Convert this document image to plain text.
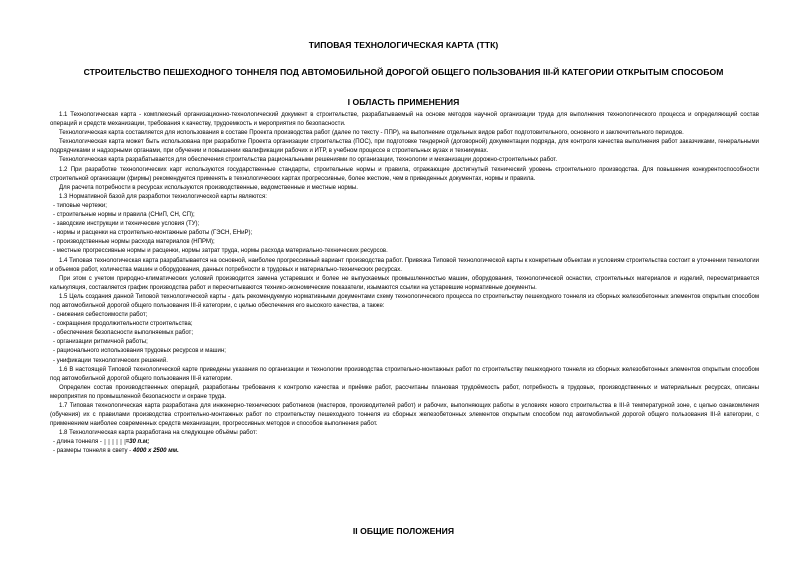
ТИПОВАЯ ТЕХНОЛОГИЧЕСКАЯ КАРТА (ТТК)
СТРОИТЕЛЬСТВО ПЕШЕХОДНОГО ТОННЕЛЯ ПОД АВТОМОБИЛЬНОЙ ДОРОГОЙ ОБЩЕГО ПОЛЬЗОВАНИЯ III-Й КАТЕГОРИИ ОТКРЫТЫМ СПОСОБОМ
I ОБЛАСТЬ ПРИМЕНЕНИЯ

1.1 Технологическая карта - комплексный организационно-технологический документ в строительстве, разрабатываемый на основе методов научной организации труда для выполнения технологического процесса и определяющий состав операций и средств механизации, требования к качеству, трудоемкость и мероприятия по безопасности.

Технологическая карта составляется для использования в составе Проекта производства работ (далее по тексту - ППР), на выполнение отдельных видов работ подготовительного, основного и заключительного периодов.

Технологическая карта может быть использована при разработке Проекта организации строительства (ПОС), при подготовке тендерной (договорной) документации подряда, для контроля качества выполнения работ заказчиками, генеральными подрядчиками и надзорными органами, при обучении и повышении квалификации рабочих и ИТР, в учебном процессе в строительных вузах и техникумах.

Технологическая карта разрабатывается для обеспечения строительства рациональными решениями по организации, технологии и механизации дорожно-строительных работ.

1.2 При разработке технологических карт используются государственные стандарты, строительные нормы и правила, отражающие достигнутый технический уровень строительного производства. Для повышения конкурентоспособности строительной организации (фирмы) рекомендуется применять в технологических картах прогрессивные, более жесткие, чем в приведенных документах, нормы и правила.

Для расчета потребности в ресурсах используются производственные, ведомственные и местные нормы.

1.3 Нормативной базой для разработки технологической карты являются:

- типовые чертежи;

- строительные нормы и правила (СНиП, СН, СП);

- заводские инструкции и технические условия (ТУ);

- нормы и расценки на строительно-монтажные работы (ГЭСН, ЕНиР);

- производственные нормы расхода материалов (НПРМ);

- местные прогрессивные нормы и расценки, нормы затрат труда, нормы расхода материально-технических ресурсов.

1.4 Типовая технологическая карта разрабатывается на основной, наиболее прогрессивный вариант производства работ. Привязка Типовой технологической карты к конкретным объектам и условиям строительства состоит в уточнении технологии и объемов работ, количества машин и оборудования, данных потребности в трудовых и материально-технических ресурсах.

При этом с учетом природно-климатических условий производится замена устаревших и более не выпускаемых промышленностью машин, оборудования, технологической оснастки, строительных материалов и изделий, пересматривается калькуляция, составляется график производства работ и пересчитываются технико-экономические показатели, изымаются ссылки на устаревшие нормативные документы.

1.5 Цель создания данной Типовой технологической карты - дать рекомендуемую нормативными документами схему технологического процесса по строительству пешеходного тоннеля из сборных железобетонных элементов открытым способом под автомобильной дорогой общего пользования III-й категории, с целью обеспечения его высокого качества, а также:

- снижения себестоимости работ;

- сокращения продолжительности строительства;

- обеспечения безопасности выполняемых работ;

- организации ритмичной работы;

- рационального использования трудовых ресурсов и машин;

- унификации технологических решений.

1.6 В настоящей Типовой технологической карте приведены указания по организации и технологии производства строительно-монтажных работ по строительству пешеходного тоннеля из сборных железобетонных элементов открытым способом под автомобильной дорогой общего пользования III-й категории.

Определен состав производственных операций, разработаны требования к контролю качества и приёмке работ, рассчитаны плановая трудоёмкость работ, потребность в трудовых, производственных и материальных ресурсах, описаны мероприятия по промышленной безопасности и охране труда.

1.7 Типовая технологическая карта разработана для инженерно-технических работников (мастеров, производителей работ) и рабочих, выполняющих работы в условиях нового строительства в III-й температурной зоне, с целью ознакомления (обучения) их с правилами производства строительно-монтажных работ по строительству пешеходного тоннеля из сборных железобетонных элементов открытым способом под автомобильной дорогой общего пользования III-й категории, с применением наиболее современных средств механизации, прогрессивных методов и способов выполнения работ.

1.8 Технологическая карта разработана на следующие объёмы работ:

- длина тоннеля -	=30 п.м;

- размеры тоннеля в свету - 4000 x 2500 мм.

II ОБЩИЕ ПОЛОЖЕНИЯ
